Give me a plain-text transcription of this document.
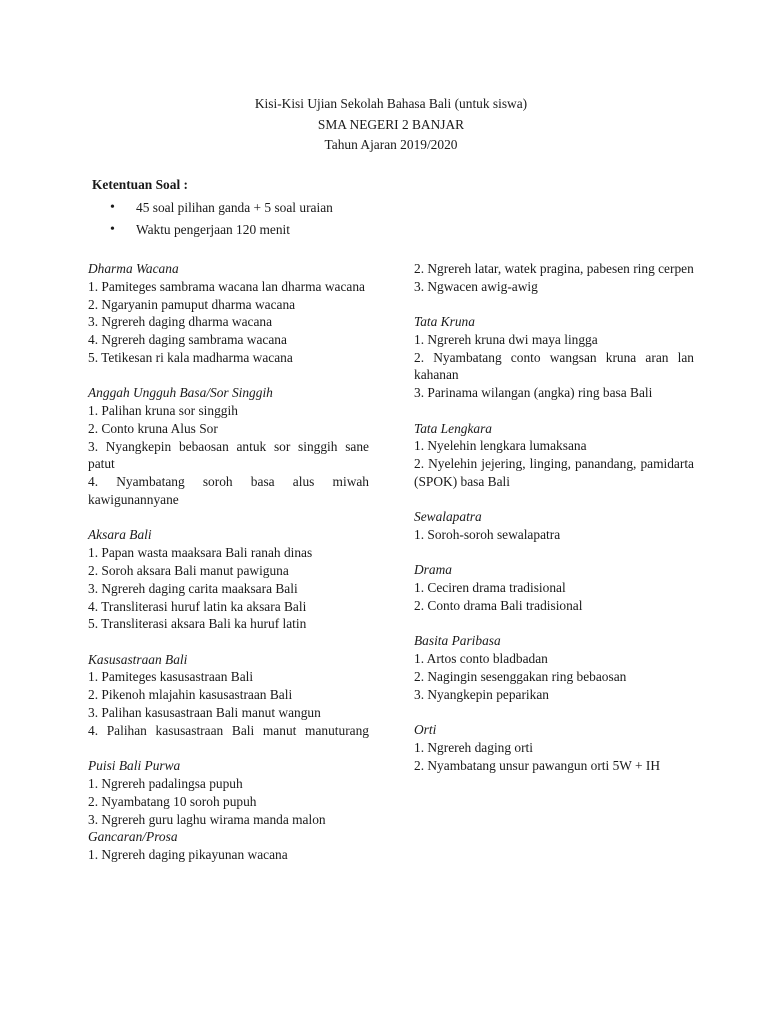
Kisi-Kisi Ujian Sekolah Bahasa Bali (untuk siswa)
SMA NEGERI 2 BANJAR
Tahun Ajaran 2019/2020
Ketentuan Soal :
• 45 soal pilihan ganda + 5 soal uraian
• Waktu pengerjaan 120 menit
Dharma Wacana
1. Pamiteges sambrama wacana lan dharma wacana
2. Ngaryanin pamuput dharma wacana
3. Ngrereh daging dharma wacana
4. Ngrereh daging sambrama wacana
5. Tetikesan ri kala madharma wacana
Anggah Ungguh Basa/Sor Singgih
1. Palihan kruna sor singgih
2. Conto kruna Alus Sor
3. Nyangkepin bebaosan antuk sor singgih sane patut
4. Nyambatang soroh basa alus miwah kawigunannyane
Aksara Bali
1. Papan wasta maaksara Bali ranah dinas
2. Soroh aksara Bali manut pawiguna
3. Ngrereh daging carita maaksara Bali
4. Transliterasi huruf latin ka aksara Bali
5. Transliterasi aksara Bali ka huruf latin
Kasusastraan Bali
1. Pamiteges kasusastraan Bali
2. Pikenoh mlajahin kasusastraan Bali
3. Palihan kasusastraan Bali manut wangun
4. Palihan kasusastraan Bali manut manuturang
Puisi Bali Purwa
1. Ngrereh padalingsa pupuh
2. Nyambatang 10 soroh pupuh
3. Ngrereh guru laghu wirama manda malon
Gancaran/Prosa
1. Ngrereh daging pikayunan wacana
2. Ngrereh latar, watek pragina, pabesen ring cerpen
3. Ngwacen awig-awig
Tata Kruna
1. Ngrereh kruna dwi maya lingga
2. Nyambatang conto wangsan kruna aran lan kahanan
3. Parinama wilangan (angka) ring basa Bali
Tata Lengkara
1. Nyelehin lengkara lumaksana
2. Nyelehin jejering, linging, panandang, pamidarta (SPOK) basa Bali
Sewalapatra
1. Soroh-soroh sewalapatra
Drama
1. Ceciren drama tradisional
2. Conto drama Bali tradisional
Basita Paribasa
1. Artos conto bladbadan
2. Nagingin sesenggakan ring bebaosan
3. Nyangkepin peparikan
Orti
1. Ngrereh daging orti
2. Nyambatang unsur pawangun orti 5W + IH
